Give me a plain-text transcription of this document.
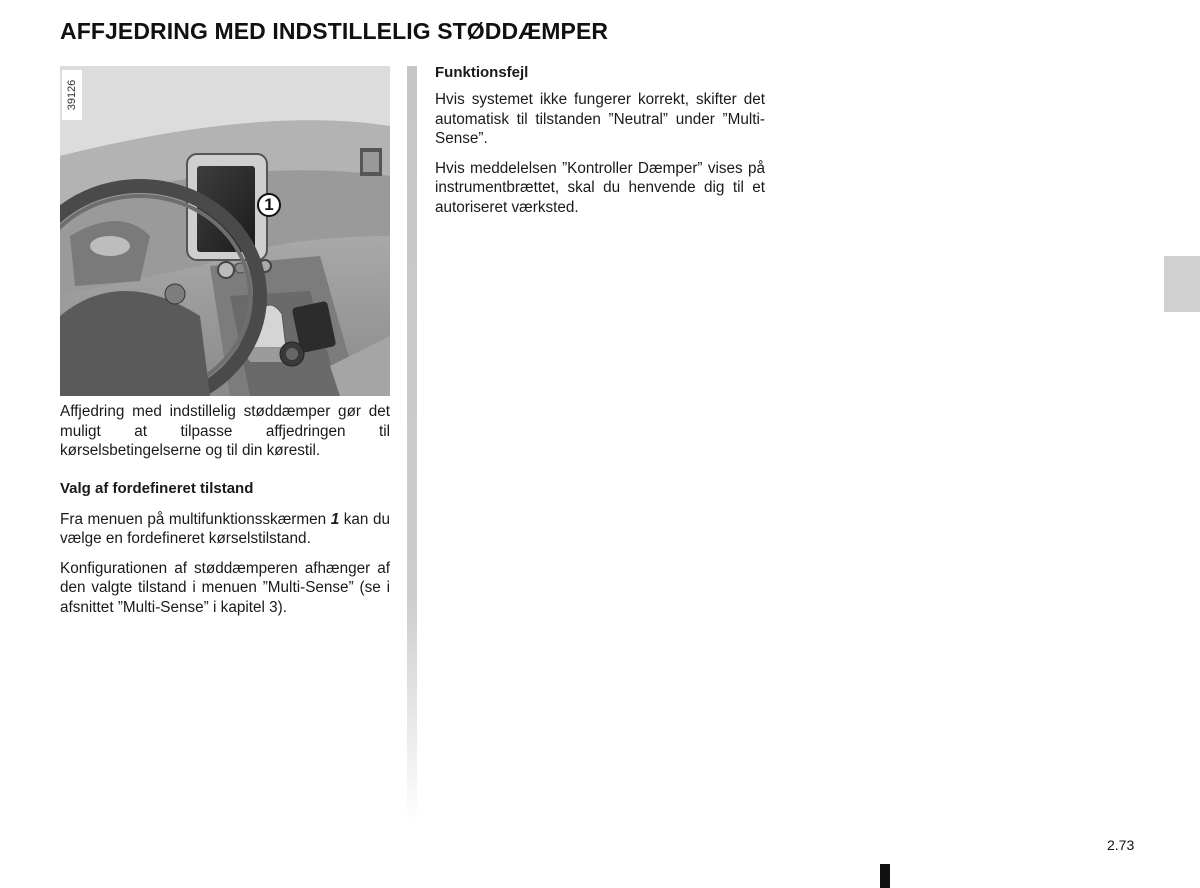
AFFJEDRING MED INDSTILLELIG STØDDÆMPER
39126
1

Affjedring med indstillelig støddæmper gør det muligt at tilpasse affjedringen til kørselsbetingelserne og til din kørestil.

Valg af fordefineret tilstand

Fra menuen på multifunktionsskærmen 1 kan du vælge en fordefineret kørselstilstand.

Konfigurationen af støddæmperen afhænger af den valgte tilstand i menuen ”Multi-Sense” (se i afsnittet ”Multi-Sense” i kapitel 3).

Funktionsfejl

Hvis systemet ikke fungerer korrekt, skifter det automatisk til tilstanden ”Neutral” under ”Multi-Sense”.

Hvis meddelelsen ”Kontroller Dæmper” vises på instrumentbrættet, skal du henvende dig til et autoriseret værksted.

2.73
